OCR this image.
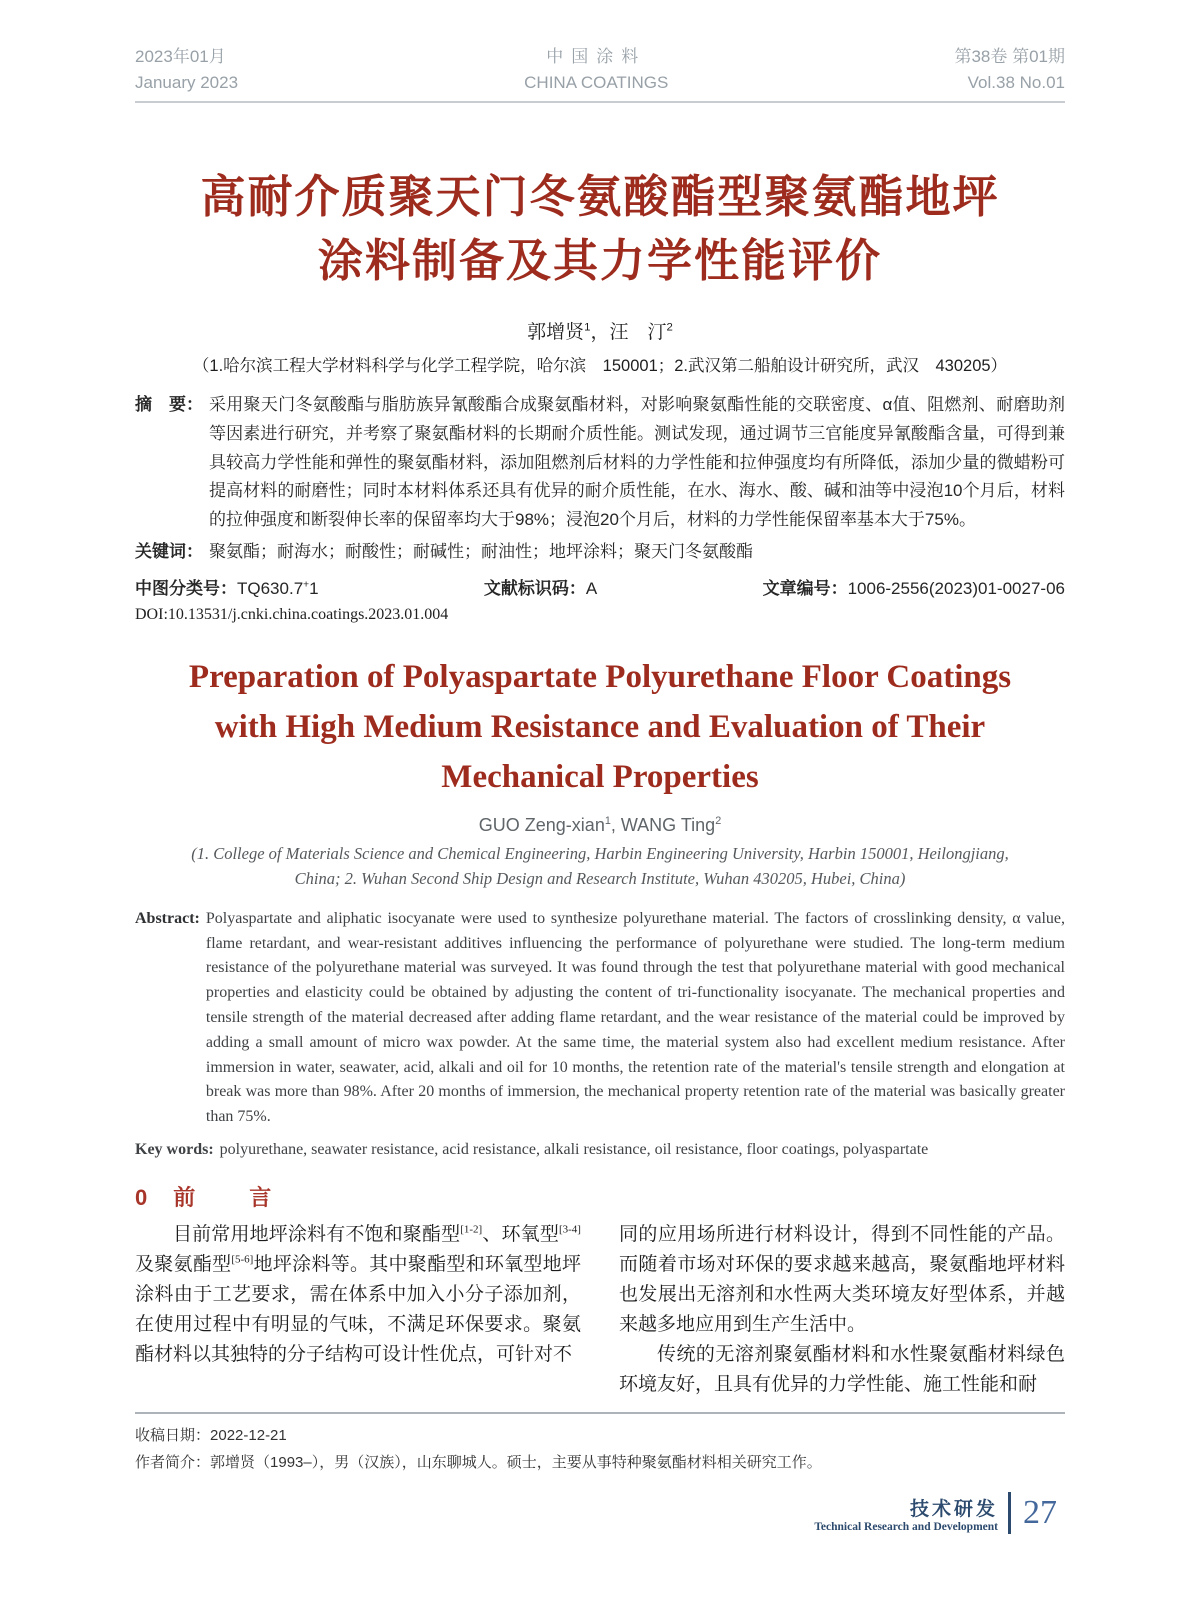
2023年01月
January 2023
中国涂料
CHINA COATINGS
第38卷 第01期
Vol.38 No.01
高耐介质聚天门冬氨酸酯型聚氨酯地坪
涂料制备及其力学性能评价
郭增贤$^1$，汪　汀$^2$
（1.哈尔滨工程大学材料科学与化学工程学院，哈尔滨　150001；2.武汉第二船舶设计研究所，武汉　430205）
摘　要： 采用聚天门冬氨酸酯与脂肪族异氰酸酯合成聚氨酯材料，对影响聚氨酯性能的交联密度、α值、阻燃剂、耐磨助剂等因素进行研究，并考察了聚氨酯材料的长期耐介质性能。测试发现，通过调节三官能度异氰酸酯含量，可得到兼具较高力学性能和弹性的聚氨酯材料，添加阻燃剂后材料的力学性能和拉伸强度均有所降低，添加少量的微蜡粉可提高材料的耐磨性；同时本材料体系还具有优异的耐介质性能，在水、海水、酸、碱和油等中浸泡10个月后，材料的拉伸强度和断裂伸长率的保留率均大于98%；浸泡20个月后，材料的力学性能保留率基本大于75%。
关键词： 聚氨酯；耐海水；耐酸性；耐碱性；耐油性；地坪涂料；聚天门冬氨酸酯
中图分类号：TQ630.7+1	文献标识码：A	文章编号：1006-2556(2023)01-0027-06
DOI:10.13531/j.cnki.china.coatings.2023.01.004
Preparation of Polyaspartate Polyurethane Floor Coatings
with High Medium Resistance and Evaluation of Their
Mechanical Properties
GUO Zeng-xian$^1$, WANG Ting$^2$
(1. College of Materials Science and Chemical Engineering, Harbin Engineering University, Harbin 150001, Heilongjiang,
China; 2. Wuhan Second Ship Design and Research Institute, Wuhan 430205, Hubei, China)
Abstract: Polyaspartate and aliphatic isocyanate were used to synthesize polyurethane material. The factors of crosslinking density, α value, flame retardant, and wear-resistant additives influencing the performance of polyurethane were studied. The long-term medium resistance of the polyurethane material was surveyed. It was found through the test that polyurethane material with good mechanical properties and elasticity could be obtained by adjusting the content of tri-functionality isocyanate. The mechanical properties and tensile strength of the material decreased after adding flame retardant, and the wear resistance of the material could be improved by adding a small amount of micro wax powder. At the same time, the material system also had excellent medium resistance. After immersion in water, seawater, acid, alkali and oil for 10 months, the retention rate of the material's tensile strength and elongation at break was more than 98%. After 20 months of immersion, the mechanical property retention rate of the material was basically greater than 75%.
Key words: polyurethane, seawater resistance, acid resistance, alkali resistance, oil resistance, floor coatings, polyaspartate
0 前　言

目前常用地坪涂料有不饱和聚酯型[1-2]、环氧型[3-4]及聚氨酯型[5-6]地坪涂料等。其中聚酯型和环氧型地坪涂料由于工艺要求，需在体系中加入小分子添加剂，在使用过程中有明显的气味，不满足环保要求。聚氨酯材料以其独特的分子结构可设计性优点，可针对不

同的应用场所进行材料设计，得到不同性能的产品。而随着市场对环保的要求越来越高，聚氨酯地坪材料也发展出无溶剂和水性两大类环境友好型体系，并越来越多地应用到生产生活中。

传统的无溶剂聚氨酯材料和水性聚氨酯材料绿色环境友好，且具有优异的力学性能、施工性能和耐

收稿日期：2022-12-21
作者简介：郭增贤（1993–），男（汉族），山东聊城人。硕士，主要从事特种聚氨酯材料相关研究工作。
技术研发
Technical Research and Development 27
